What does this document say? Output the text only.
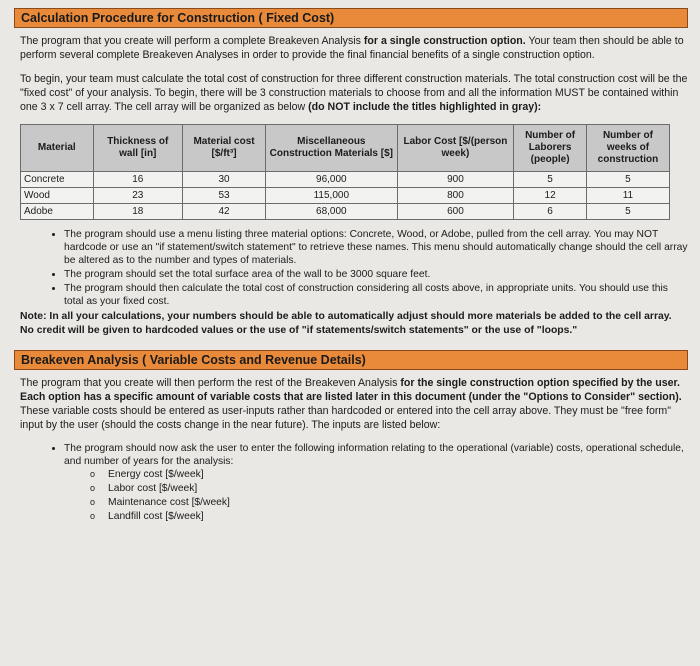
Calculation Procedure for Construction ( Fixed Cost)

The program that you create will perform a complete Breakeven Analysis for a single construction option. Your team then should be able to perform several complete Breakeven Analyses in order to provide the final financial benefits of a single construction option.

To begin, your team must calculate the total cost of construction for three different construction materials. The total construction cost will be the "fixed cost" of your analysis. To begin, there will be 3 construction materials to choose from and all the information MUST be contained within one 3 x 7 cell array. The cell array will be organized as below (do NOT include the titles highlighted in gray):

Material	Thickness of wall [in]	Material cost [$/ft³]	Miscellaneous Construction Materials [$]	Labor Cost [$/(person week)	Number of Laborers (people)	Number of weeks of construction
Concrete	16	30	96,000	900	5	5
Wood	23	53	115,000	800	12	11
Adobe	18	42	68,000	600	6	5
• The program should use a menu listing three material options: Concrete, Wood, or Adobe, pulled from the cell array. You may NOT hardcode or use an "if statement/switch statement" to retrieve these names. This menu should automatically change should the cell array be altered as to the number and types of materials.
• The program should set the total surface area of the wall to be 3000 square feet.
• The program should then calculate the total cost of construction considering all costs above, in appropriate units. You should use this total as your fixed cost.
Note: In all your calculations, your numbers should be able to automatically adjust should more materials be added to the cell array. No credit will be given to hardcoded values or the use of "if statements/switch statements" or the use of "loops."
Breakeven Analysis ( Variable Costs and Revenue Details)

The program that you create will then perform the rest of the Breakeven Analysis for the single construction option specified by the user. Each option has a specific amount of variable costs that are listed later in this document (under the "Options to Consider" section). These variable costs should be entered as user-inputs rather than hardcoded or entered into the cell array above. They must be "free form" input by the user (should the costs change in the near future). The inputs are listed below:

• The program should now ask the user to enter the following information relating to the operational (variable) costs, operational schedule, and number of years for the analysis:
o Energy cost [$/week]
o Labor cost [$/week]
o Maintenance cost [$/week]
o Landfill cost [$/week]
